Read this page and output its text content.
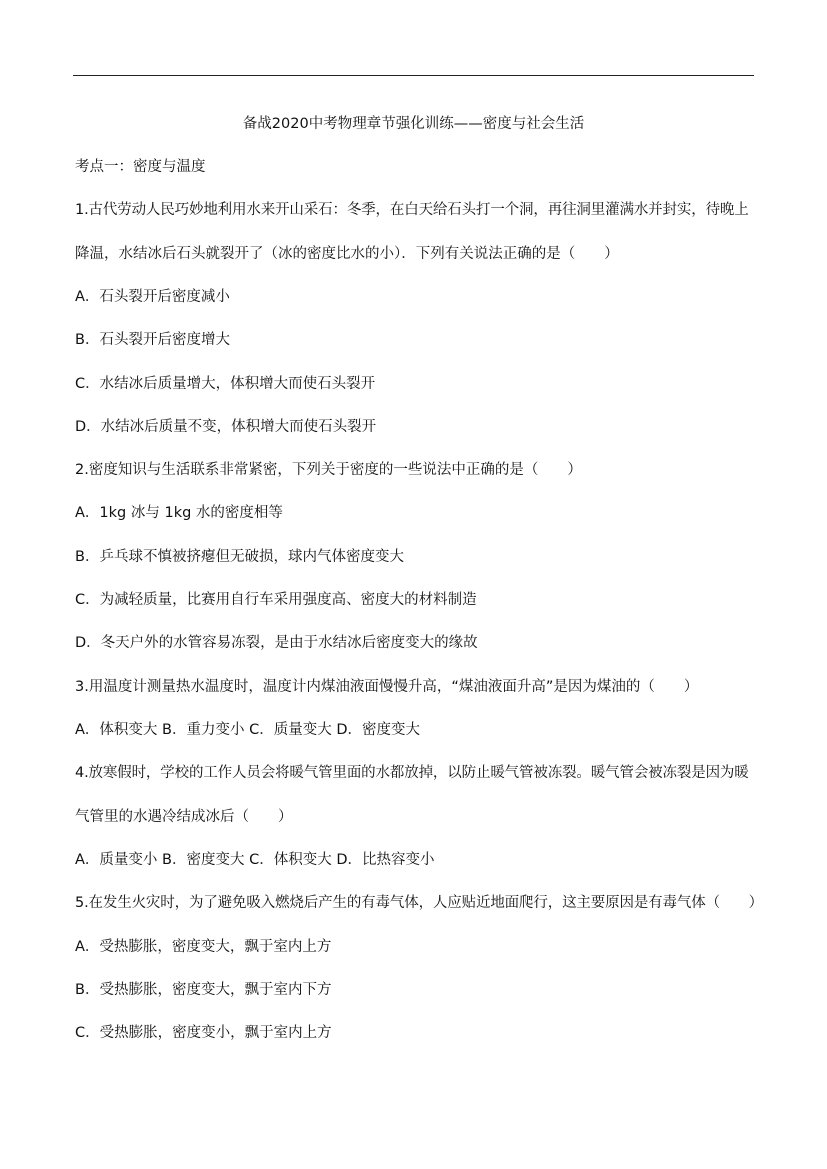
备战2020中考物理章节强化训练——密度与社会生活
考点一：密度与温度
1.古代劳动人民巧妙地利用水来开山采石：冬季，在白天给石头打一个洞，再往洞里灌满水并封实，待晚上
降温，水结冰后石头就裂开了（冰的密度比水的小）．下列有关说法正确的是（　　）
A．石头裂开后密度减小
B．石头裂开后密度增大
C．水结冰后质量增大，体积增大而使石头裂开
D．水结冰后质量不变，体积增大而使石头裂开
2.密度知识与生活联系非常紧密，下列关于密度的一些说法中正确的是（　　）
A．1kg 冰与 1kg 水的密度相等
B．乒乓球不慎被挤瘪但无破损，球内气体密度变大
C．为减轻质量，比赛用自行车采用强度高、密度大的材料制造
D．冬天户外的水管容易冻裂，是由于水结冰后密度变大的缘故
3.用温度计测量热水温度时，温度计内煤油液面慢慢升高，“煤油液面升高”是因为煤油的（　　）
A．体积变大 B．重力变小 C．质量变大 D．密度变大
4.放寒假时，学校的工作人员会将暖气管里面的水都放掉，以防止暖气管被冻裂。暖气管会被冻裂是因为暖
气管里的水遇冷结成冰后（　　）
A．质量变小 B．密度变大 C．体积变大 D．比热容变小
5.在发生火灾时，为了避免吸入燃烧后产生的有毒气体，人应贴近地面爬行，这主要原因是有毒气体（　　）
A．受热膨胀，密度变大，飘于室内上方
B．受热膨胀，密度变大，飘于室内下方
C．受热膨胀，密度变小，飘于室内上方
